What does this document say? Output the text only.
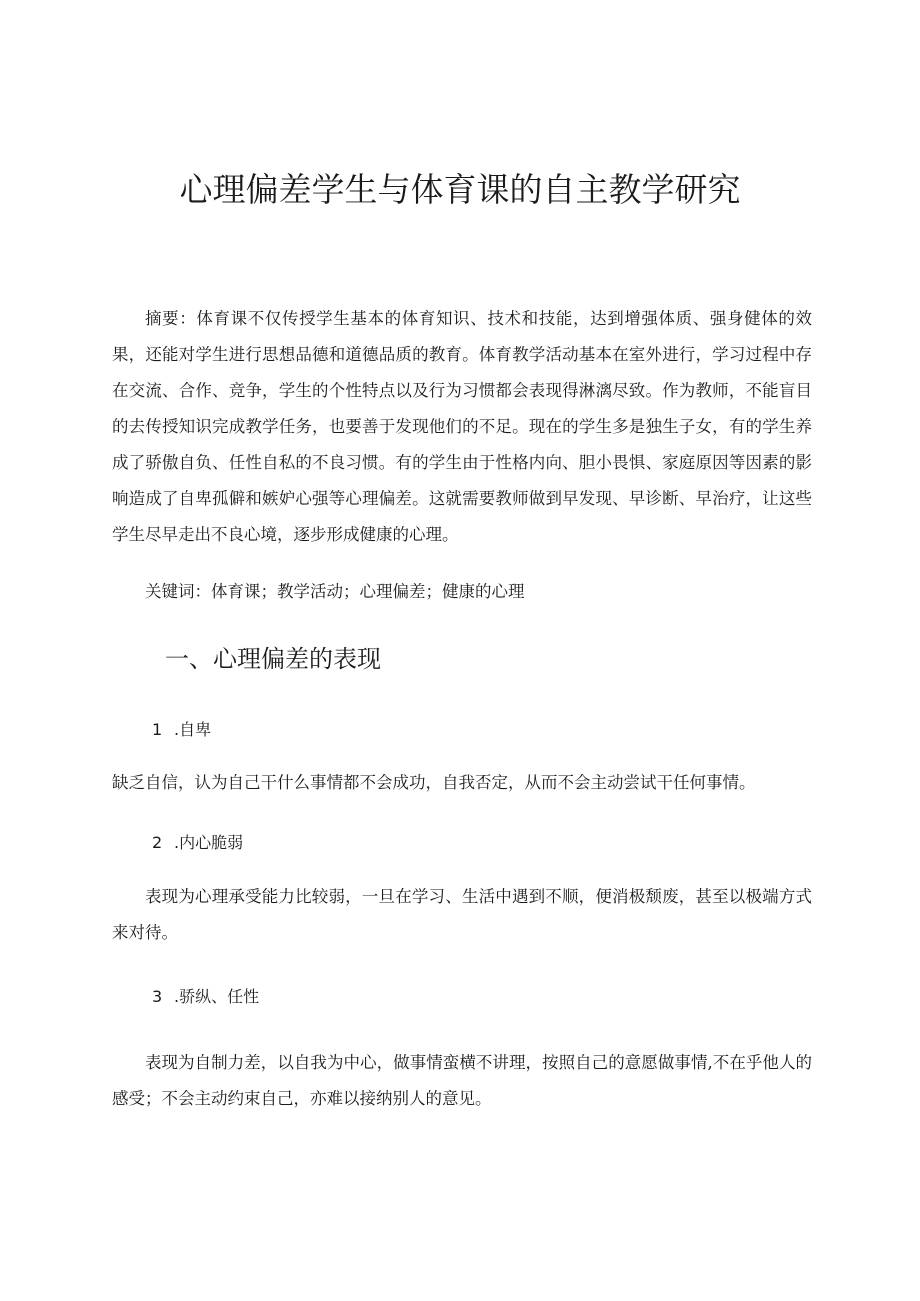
心理偏差学生与体育课的自主教学研究

摘要：体育课不仅传授学生基本的体育知识、技术和技能，达到增强体质、强身健体的效果，还能对学生进行思想品德和道德品质的教育。体育教学活动基本在室外进行，学习过程中存在交流、合作、竞争，学生的个性特点以及行为习惯都会表现得淋漓尽致。作为教师，不能盲目的去传授知识完成教学任务，也要善于发现他们的不足。现在的学生多是独生子女，有的学生养成了骄傲自负、任性自私的不良习惯。有的学生由于性格内向、胆小畏惧、家庭原因等因素的影响造成了自卑孤僻和嫉妒心强等心理偏差。这就需要教师做到早发现、早诊断、早治疗，让这些学生尽早走出不良心境，逐步形成健康的心理。

关键词：体育课；教学活动；心理偏差；健康的心理

一、心理偏差的表现
1 .自卑

缺乏自信，认为自己干什么事情都不会成功，自我否定，从而不会主动尝试干任何事情。

2 .内心脆弱

表现为心理承受能力比较弱，一旦在学习、生活中遇到不顺，便消极颓废，甚至以极端方式来对待。

3 .骄纵、任性

表现为自制力差，以自我为中心，做事情蛮横不讲理，按照自己的意愿做事情,不在乎他人的感受；不会主动约束自己，亦难以接纳别人的意见。
